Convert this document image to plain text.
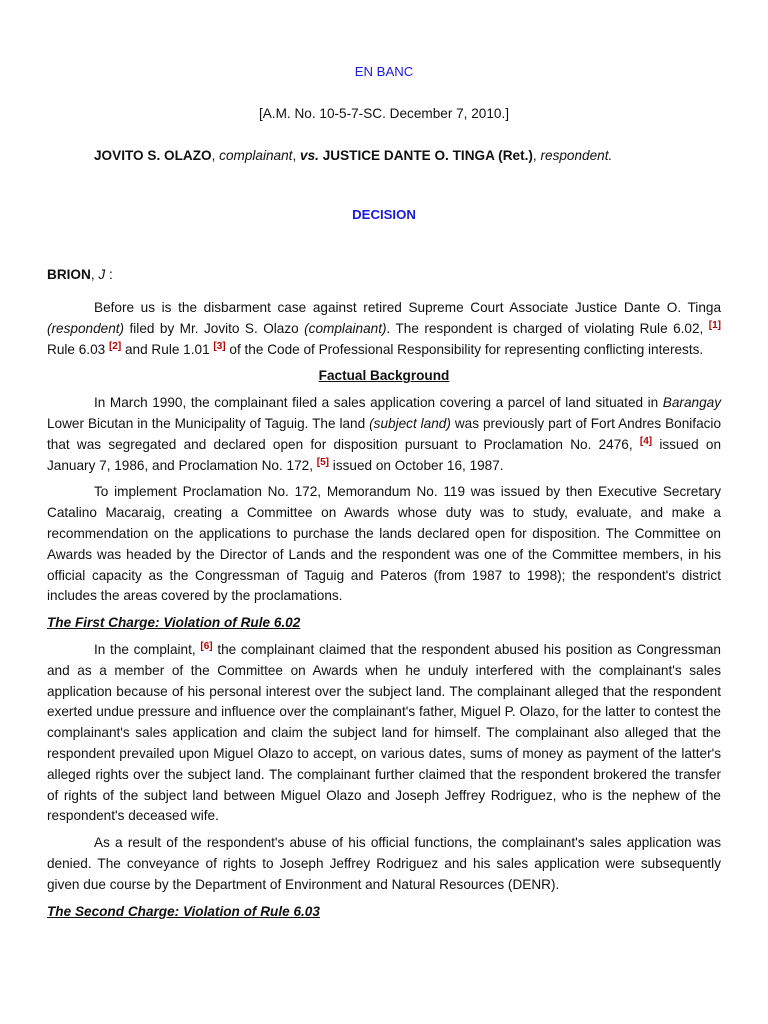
EN BANC
[A.M. No. 10-5-7-SC. December 7, 2010.]
JOVITO S. OLAZO, complainant, vs. JUSTICE DANTE O. TINGA (Ret.), respondent.
DECISION
BRION, J :

Before us is the disbarment case against retired Supreme Court Associate Justice Dante O. Tinga (respondent) filed by Mr. Jovito S. Olazo (complainant). The respondent is charged of violating Rule 6.02, [1] Rule 6.03 [2] and Rule 1.01 [3] of the Code of Professional Responsibility for representing conflicting interests.

Factual Background

In March 1990, the complainant filed a sales application covering a parcel of land situated in Barangay Lower Bicutan in the Municipality of Taguig. The land (subject land) was previously part of Fort Andres Bonifacio that was segregated and declared open for disposition pursuant to Proclamation No. 2476, [4] issued on January 7, 1986, and Proclamation No. 172, [5] issued on October 16, 1987.

To implement Proclamation No. 172, Memorandum No. 119 was issued by then Executive Secretary Catalino Macaraig, creating a Committee on Awards whose duty was to study, evaluate, and make a recommendation on the applications to purchase the lands declared open for disposition. The Committee on Awards was headed by the Director of Lands and the respondent was one of the Committee members, in his official capacity as the Congressman of Taguig and Pateros (from 1987 to 1998); the respondent's district includes the areas covered by the proclamations.

The First Charge: Violation of Rule 6.02

In the complaint, [6] the complainant claimed that the respondent abused his position as Congressman and as a member of the Committee on Awards when he unduly interfered with the complainant's sales application because of his personal interest over the subject land. The complainant alleged that the respondent exerted undue pressure and influence over the complainant's father, Miguel P. Olazo, for the latter to contest the complainant's sales application and claim the subject land for himself. The complainant also alleged that the respondent prevailed upon Miguel Olazo to accept, on various dates, sums of money as payment of the latter's alleged rights over the subject land. The complainant further claimed that the respondent brokered the transfer of rights of the subject land between Miguel Olazo and Joseph Jeffrey Rodriguez, who is the nephew of the respondent's deceased wife.

As a result of the respondent's abuse of his official functions, the complainant's sales application was denied. The conveyance of rights to Joseph Jeffrey Rodriguez and his sales application were subsequently given due course by the Department of Environment and Natural Resources (DENR).

The Second Charge: Violation of Rule 6.03
